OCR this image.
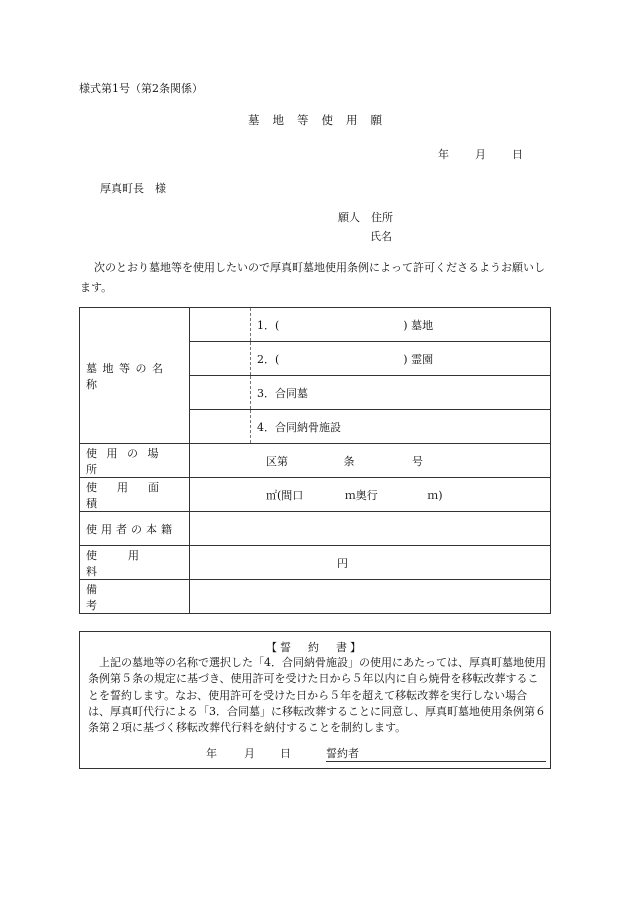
様式第1号（第2条関係）
墓地等使用願
年	月	日
厚真町長　様
願人　住所
氏名
次のとおり墓地等を使用したいので厚真町墓地使用条例によって許可くださるようお願いします。
墓地等の名称	1．( ) 墓地

	2．( ) 霊園

	3．合同墓

	4．合同納骨施設

使用の場所	区第 条 号

使用面積	㎡(間口 ｍ奥行 ｍ)

使用者の本籍	

使用料	円

備考	

【誓　約　書】
上記の墓地等の名称で選択した「4．合同納骨施設」の使用にあたっては、厚真町墓地使用条例第５条の規定に基づき、使用許可を受けた日から５年以内に自ら焼骨を移転改葬することを誓約します。なお、使用許可を受けた日から５年を超えて移転改葬を実行しない場合は、厚真町代行による「3．合同墓」に移転改葬することに同意し、厚真町墓地使用条例第６条第２項に基づく移転改葬代行料を納付することを制約します。
年 月 日	誓約者
